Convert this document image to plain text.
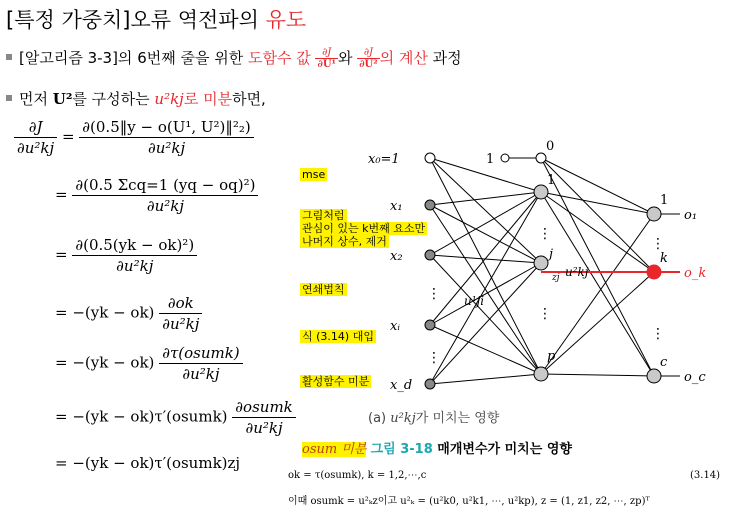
[특정 가중치]오류 역전파의 유도
[알고리즘 3-3]의 6번째 줄을 위한 도함수 값 $\frac{\partial J}{\text{∂U¹}}$ 와 $\frac{\partial J}{\text{∂U²}}$ 의 계산 과정
먼저 U²를 구성하는 u²kj로 미분하면,
$\frac{\partial J}{\text{∂u²kj}} = \frac{\text{∂(0.5‖y − o(U¹, U²)‖²₂)}}{\text{∂u²kj}}$
= $\frac{\text{∂(0.5 Σcq=1 (yq − oq)²)}}{\text{∂u²kj}}$
= $\frac{\text{∂(0.5(yk − ok)²)}}{\text{∂u²kj}}$
= $-(yk - ok) \frac{\partial ok}{\text{∂u²kj}}$
= $-(yk - ok) \frac{\text{∂τ(osumk)}}{\text{∂u²kj}}$
= −(yk − ok)τ′(osumk) $\frac{\text{∂osumk}}{\text{∂u²kj}}$
= −(yk − ok)τ′(osumk)zj
⋮
⋮
⋮
⋮
⋮
⋮
x₀=1
x₁
x₂
xᵢ
x_d
1
0
1
j
p
1
k
c
o₁
o_k
o_c
u¹ji
u²kj
zj
mse
그림처럼
관심이 있는 k번째 요소만
나머지 상수, 제거
연쇄법칙
식 (3.14) 대입
활성함수 미분
(a) u²kj가 미치는 영향
osum 미분 그림 3-18 매개변수가 미치는 영향
ok = τ(osumk), k = 1,2,⋯,c	(3.14)
이때 osumk = u²ₖz이고 u²ₖ = (u²k0, u²k1, ⋯, u²kp), z = (1, z1, z2, ⋯, zp)ᵀ
